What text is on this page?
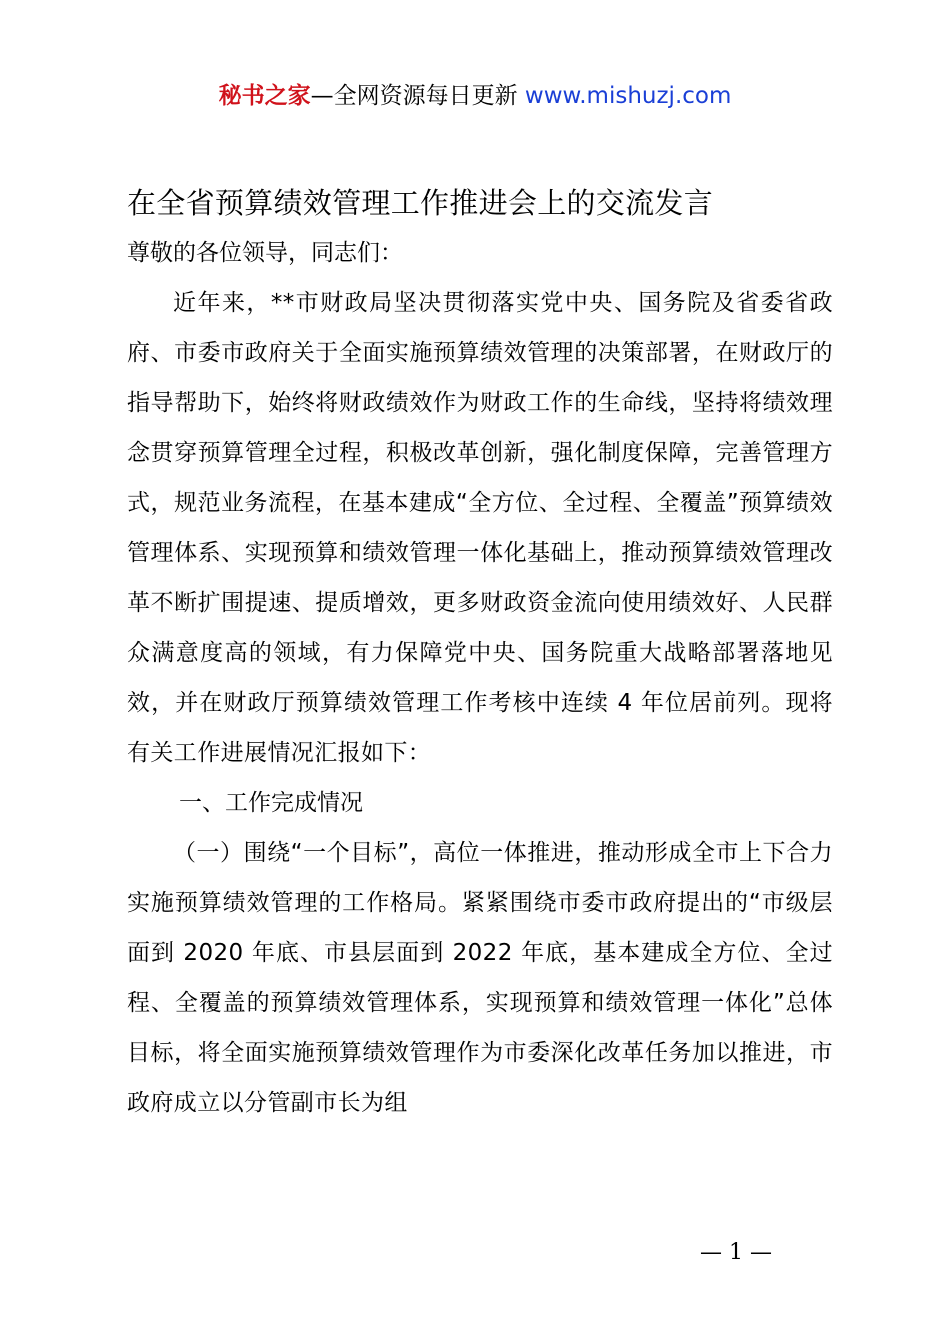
秘书之家—全网资源每日更新 www.mishuzj.com
在全省预算绩效管理工作推进会上的交流发言

尊敬的各位领导，同志们：

近年来，**市财政局坚决贯彻落实党中央、国务院及省委省政府、市委市政府关于全面实施预算绩效管理的决策部署，在财政厅的指导帮助下，始终将财政绩效作为财政工作的生命线，坚持将绩效理念贯穿预算管理全过程，积极改革创新，强化制度保障，完善管理方式，规范业务流程，在基本建成“全方位、全过程、全覆盖”预算绩效管理体系、实现预算和绩效管理一体化基础上，推动预算绩效管理改革不断扩围提速、提质增效，更多财政资金流向使用绩效好、人民群众满意度高的领域，有力保障党中央、国务院重大战略部署落地见效，并在财政厅预算绩效管理工作考核中连续 4 年位居前列。现将有关工作进展情况汇报如下：

一、工作完成情况

（一）围绕“一个目标”，高位一体推进，推动形成全市上下合力实施预算绩效管理的工作格局。紧紧围绕市委市政府提出的“市级层面到 2020 年底、市县层面到 2022 年底，基本建成全方位、全过程、全覆盖的预算绩效管理体系，实现预算和绩效管理一体化”总体目标，将全面实施预算绩效管理作为市委深化改革任务加以推进，市政府成立以分管副市长为组

— 1 —
